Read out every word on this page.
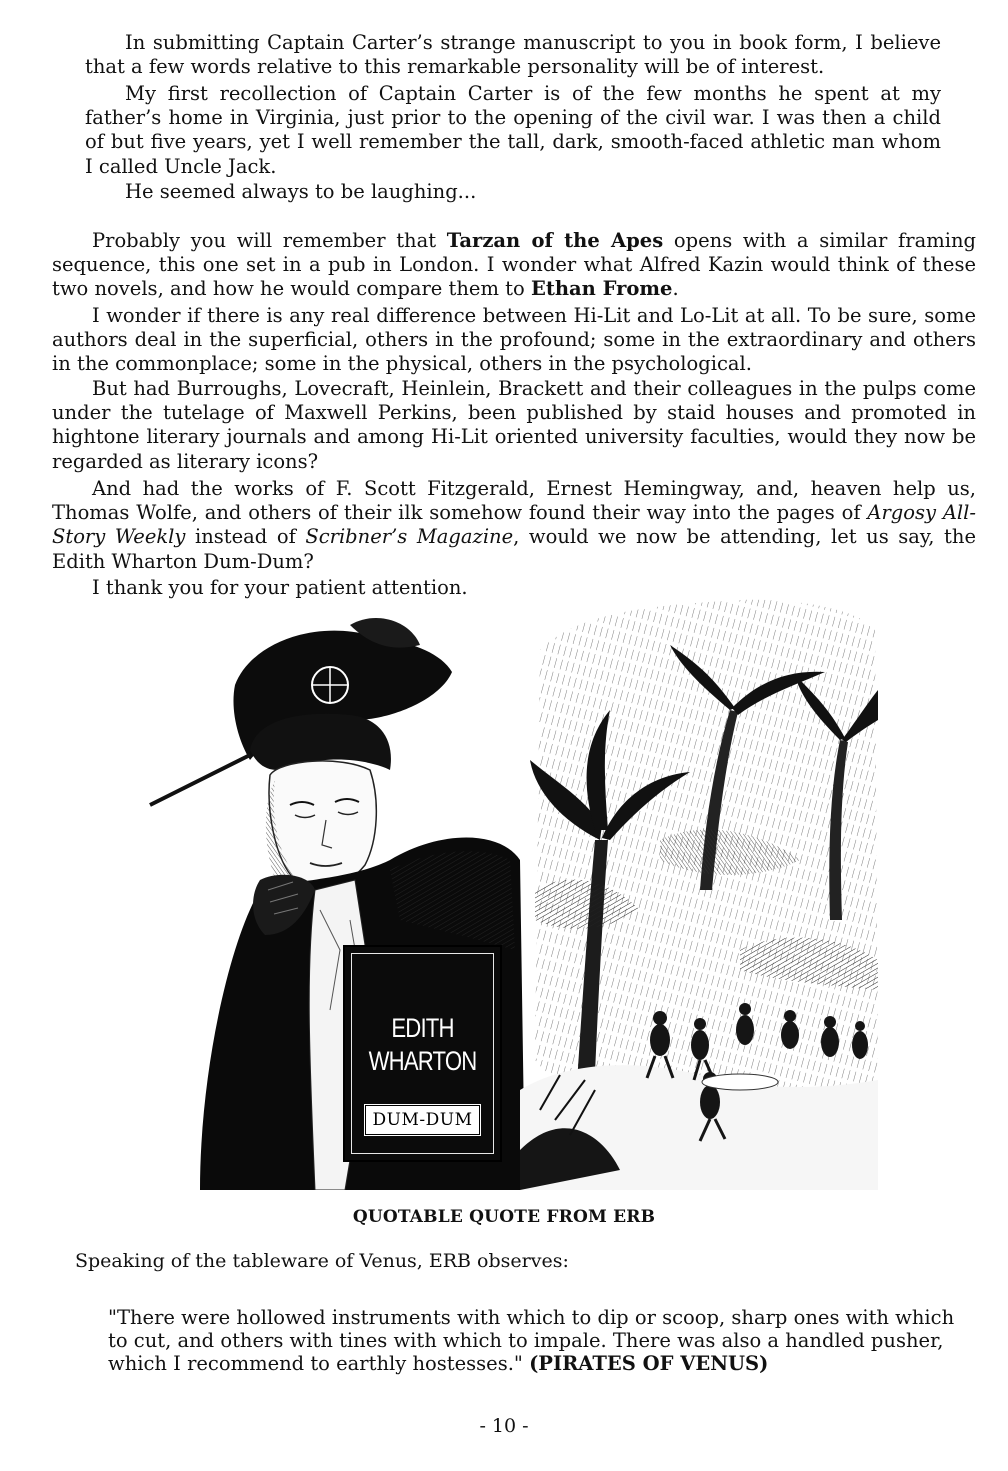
In submitting Captain Carter’s strange manuscript to you in book form, I believe that a few words relative to this remarkable personality will be of interest.

My first recollection of Captain Carter is of the few months he spent at my father’s home in Virginia, just prior to the opening of the civil war. I was then a child of but five years, yet I well remember the tall, dark, smooth-faced athletic man whom I called Uncle Jack.

He seemed always to be laughing...

Probably you will remember that Tarzan of the Apes opens with a similar framing sequence, this one set in a pub in London. I wonder what Alfred Kazin would think of these two novels, and how he would compare them to Ethan Frome.

I wonder if there is any real difference between Hi-Lit and Lo-Lit at all. To be sure, some authors deal in the superficial, others in the profound; some in the extraordinary and others in the commonplace; some in the physical, others in the psychological.

But had Burroughs, Lovecraft, Heinlein, Brackett and their colleagues in the pulps come under the tutelage of Maxwell Perkins, been published by staid houses and promoted in hightone literary journals and among Hi-Lit oriented university faculties, would they now be regarded as literary icons?

And had the works of F. Scott Fitzgerald, Ernest Hemingway, and, heaven help us, Thomas Wolfe, and others of their ilk somehow found their way into the pages of Argosy All-Story Weekly instead of Scribner’s Magazine, would we now be attending, let us say, the Edith Wharton Dum-Dum?

I thank you for your patient attention.

EDITH
WHARTON
DUM-DUM
QUOTABLE QUOTE FROM ERB
Speaking of the tableware of Venus, ERB observes:

"There were hollowed instruments with which to dip or scoop, sharp ones with which to cut, and others with tines with which to impale. There was also a handled pusher, which I recommend to earthly hostesses." (PIRATES OF VENUS)

- 10 -
